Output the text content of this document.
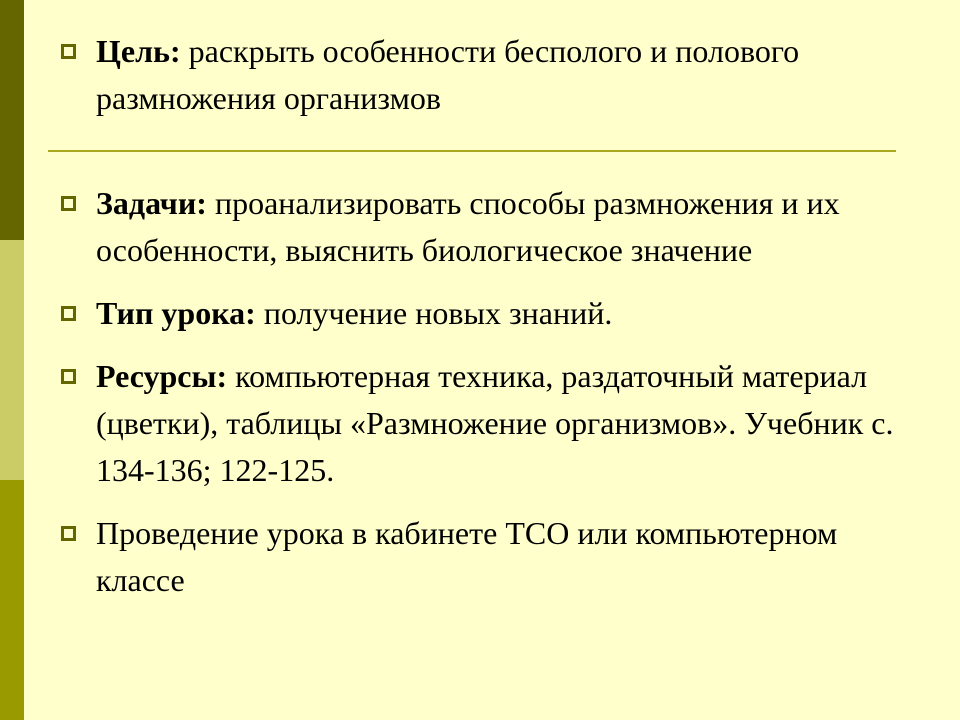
Цель: раскрыть особенности бесполого и полового размножения организмов
Задачи: проанализировать способы размножения и их особенности, выяснить биологическое значение
Тип урока: получение новых знаний.
Ресурсы: компьютерная техника, раздаточный материал (цветки), таблицы «Размножение организмов». Учебник с. 134-136; 122-125.
Проведение урока в кабинете ТСО или компьютерном классе
